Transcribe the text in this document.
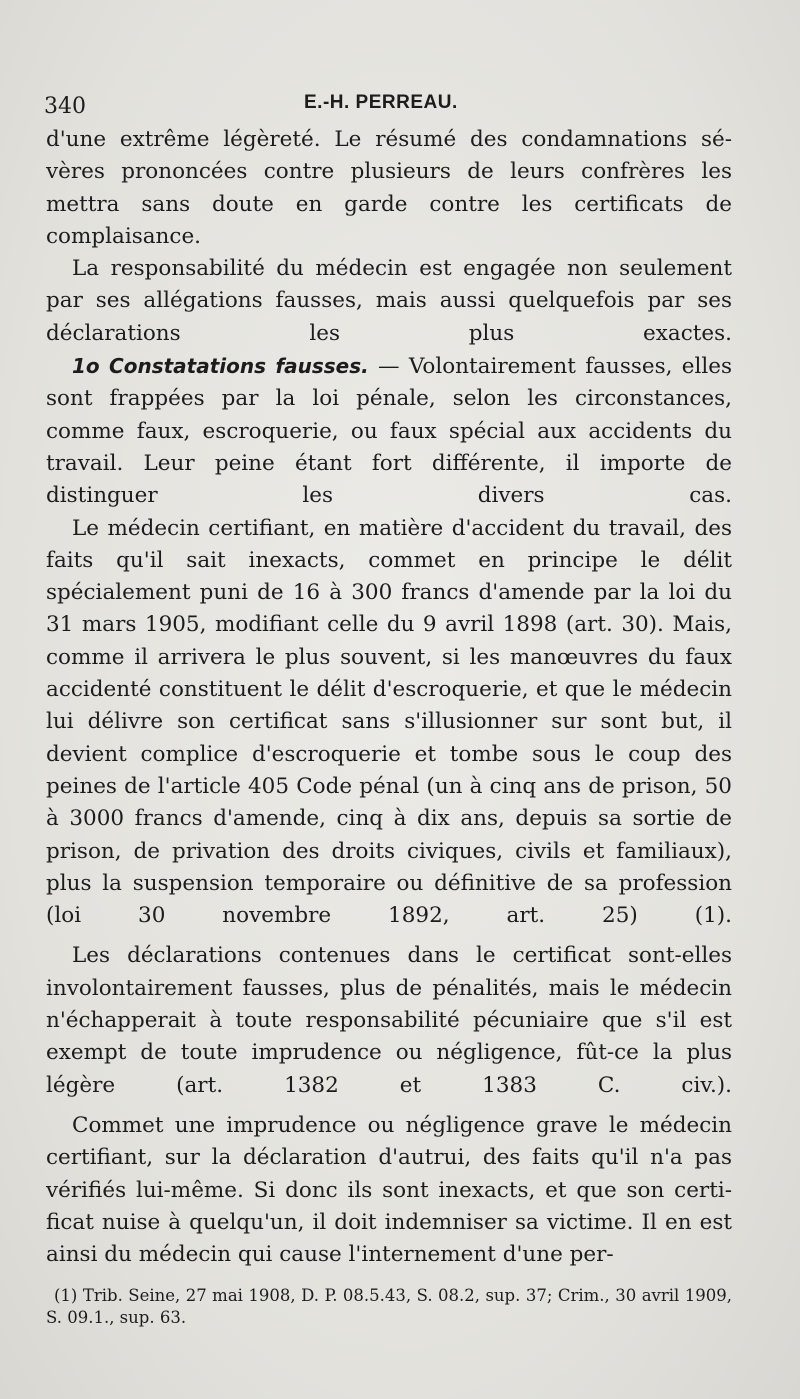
340	E.-H. PERREAU.

d'une extrême légèreté. Le résumé des condamnations sé- vères prononcées contre plusieurs de leurs confrères les mettra sans doute en garde contre les certificats de complaisance.

La responsabilité du médecin est engagée non seulement par ses allégations fausses, mais aussi quelquefois par ses déclarations les plus exactes.

1o Constatations fausses. — Volontairement fausses, elles sont frappées par la loi pénale, selon les circonstances, comme faux, escroquerie, ou faux spécial aux accidents du travail. Leur peine étant fort différente, il importe de distinguer les divers cas.

Le médecin certifiant, en matière d'accident du travail, des faits qu'il sait inexacts, commet en principe le délit spécialement puni de 16 à 300 francs d'amende par la loi du 31 mars 1905, modifiant celle du 9 avril 1898 (art. 30). Mais, comme il arrivera le plus souvent, si les manœuvres du faux accidenté constituent le délit d'escroquerie, et que le médecin lui délivre son certificat sans s'illusionner sur sont but, il devient complice d'escroquerie et tombe sous le coup des peines de l'article 405 Code pénal (un à cinq ans de prison, 50 à 3000 francs d'amende, cinq à dix ans, depuis sa sortie de prison, de privation des droits civiques, civils et familiaux), plus la suspension temporaire ou définitive de sa profession (loi 30 novembre 1892, art. 25) (1).

Les déclarations contenues dans le certificat sont-elles involontairement fausses, plus de pénalités, mais le médecin n'échapperait à toute responsabilité pécuniaire que s'il est exempt de toute imprudence ou négligence, fût-ce la plus légère (art. 1382 et 1383 C. civ.).

Commet une imprudence ou négligence grave le médecin certifiant, sur la déclaration d'autrui, des faits qu'il n'a pas vérifiés lui-même. Si donc ils sont inexacts, et que son certi- ficat nuise à quelqu'un, il doit indemniser sa victime. Il en est ainsi du médecin qui cause l'internement d'une per-

(1) Trib. Seine, 27 mai 1908, D. P. 08.5.43, S. 08.2, sup. 37; Crim., 30 avril 1909, S. 09.1., sup. 63.
